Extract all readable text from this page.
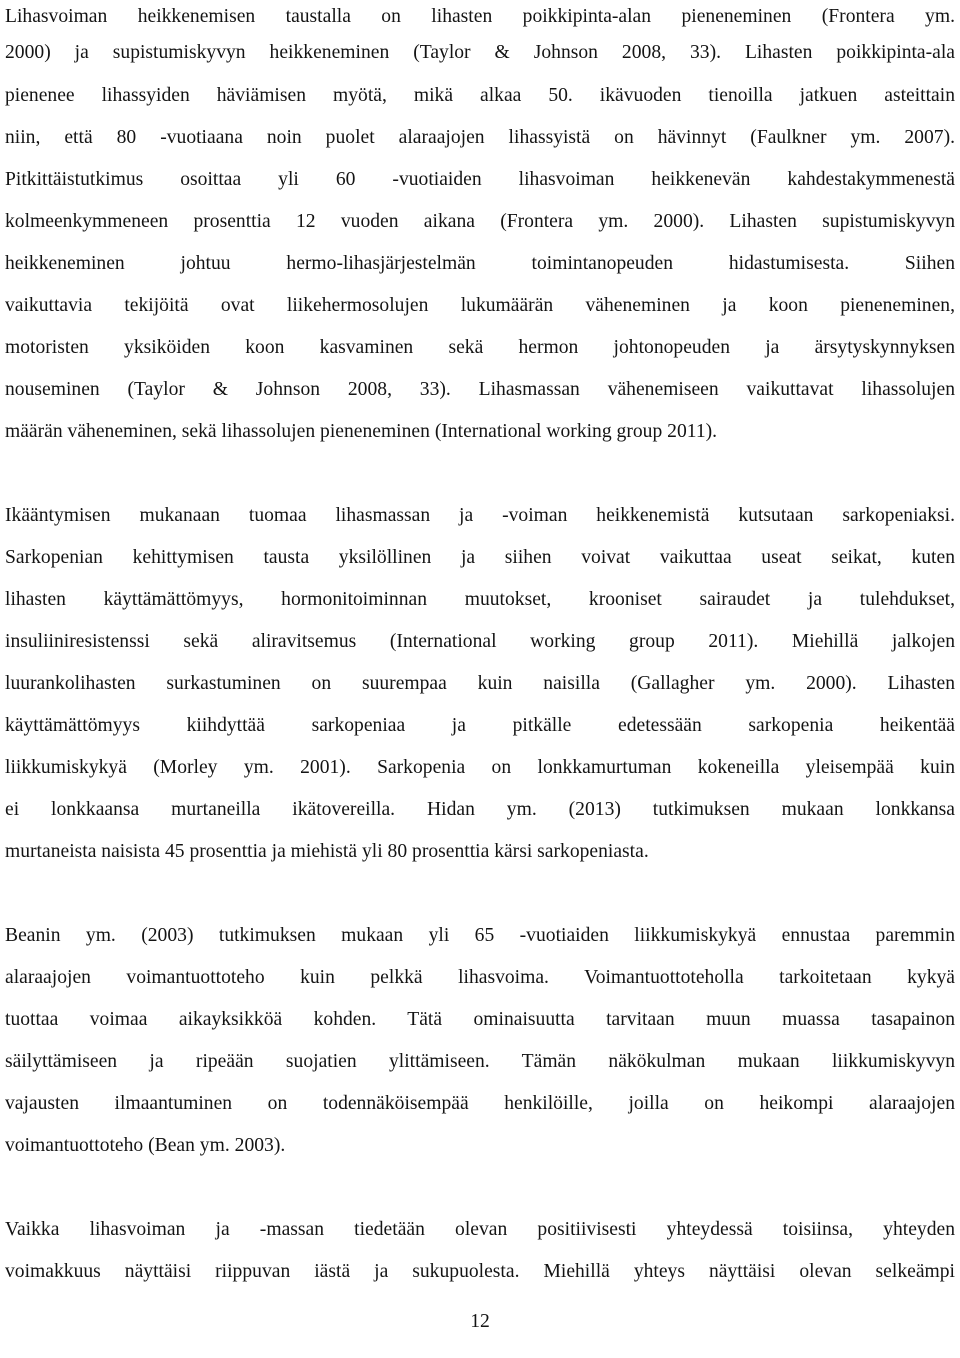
Lihasvoiman heikkenemisen taustalla on lihasten poikkipinta-alan pieneneminen (Frontera ym.
2000) ja supistumiskyvyn heikkeneminen (Taylor & Johnson 2008, 33). Lihasten poikkipinta-ala
pienenee lihassyiden häviämisen myötä, mikä alkaa 50. ikävuoden tienoilla jatkuen asteittain
niin, että 80 -vuotiaana noin puolet alaraajojen lihassyistä on hävinnyt (Faulkner ym. 2007).
Pitkittäistutkimus osoittaa yli 60 -vuotiaiden lihasvoiman heikkenevän kahdestakymmenestä
kolmeenkymmeneen prosenttia 12 vuoden aikana (Frontera ym. 2000). Lihasten supistumiskyvyn
heikkeneminen johtuu hermo-lihasjärjestelmän toimintanopeuden hidastumisesta. Siihen
vaikuttavia tekijöitä ovat liikehermosolujen lukumäärän väheneminen ja koon pieneneminen,
motoristen yksiköiden koon kasvaminen sekä hermon johtonopeuden ja ärsytyskynnyksen
nouseminen (Taylor & Johnson 2008, 33). Lihasmassan vähenemiseen vaikuttavat lihassolujen
määrän väheneminen, sekä lihassolujen pieneneminen (International working group 2011).
Ikääntymisen mukanaan tuomaa lihasmassan ja -voiman heikkenemistä kutsutaan sarkopeniaksi.
Sarkopenian kehittymisen tausta yksilöllinen ja siihen voivat vaikuttaa useat seikat, kuten
lihasten käyttämättömyys, hormonitoiminnan muutokset, krooniset sairaudet ja tulehdukset,
insuliiniresistenssi sekä aliravitsemus (International working group 2011). Miehillä jalkojen
luurankolihasten surkastuminen on suurempaa kuin naisilla (Gallagher ym. 2000). Lihasten
käyttämättömyys kiihdyttää sarkopeniaa ja pitkälle edetessään sarkopenia heikentää
liikkumiskykyä (Morley ym. 2001). Sarkopenia on lonkkamurtuman kokeneilla yleisempää kuin
ei lonkkaansa murtaneilla ikätovereilla. Hidan ym. (2013) tutkimuksen mukaan lonkkansa
murtaneista naisista 45 prosenttia ja miehistä yli 80 prosenttia kärsi sarkopeniasta.
Beanin ym. (2003) tutkimuksen mukaan yli 65 -vuotiaiden liikkumiskykyä ennustaa paremmin
alaraajojen voimantuottoteho kuin pelkkä lihasvoima. Voimantuottoteholla tarkoitetaan kykyä
tuottaa voimaa aikayksikköä kohden. Tätä ominaisuutta tarvitaan muun muassa tasapainon
säilyttämiseen ja ripeään suojatien ylittämiseen. Tämän näkökulman mukaan liikkumiskyvyn
vajausten ilmaantuminen on todennäköisempää henkilöille, joilla on heikompi alaraajojen
voimantuottoteho (Bean ym. 2003).
Vaikka lihasvoiman ja -massan tiedetään olevan positiivisesti yhteydessä toisiinsa, yhteyden
voimakkuus näyttäisi riippuvan iästä ja sukupuolesta. Miehillä yhteys näyttäisi olevan selkeämpi
12
